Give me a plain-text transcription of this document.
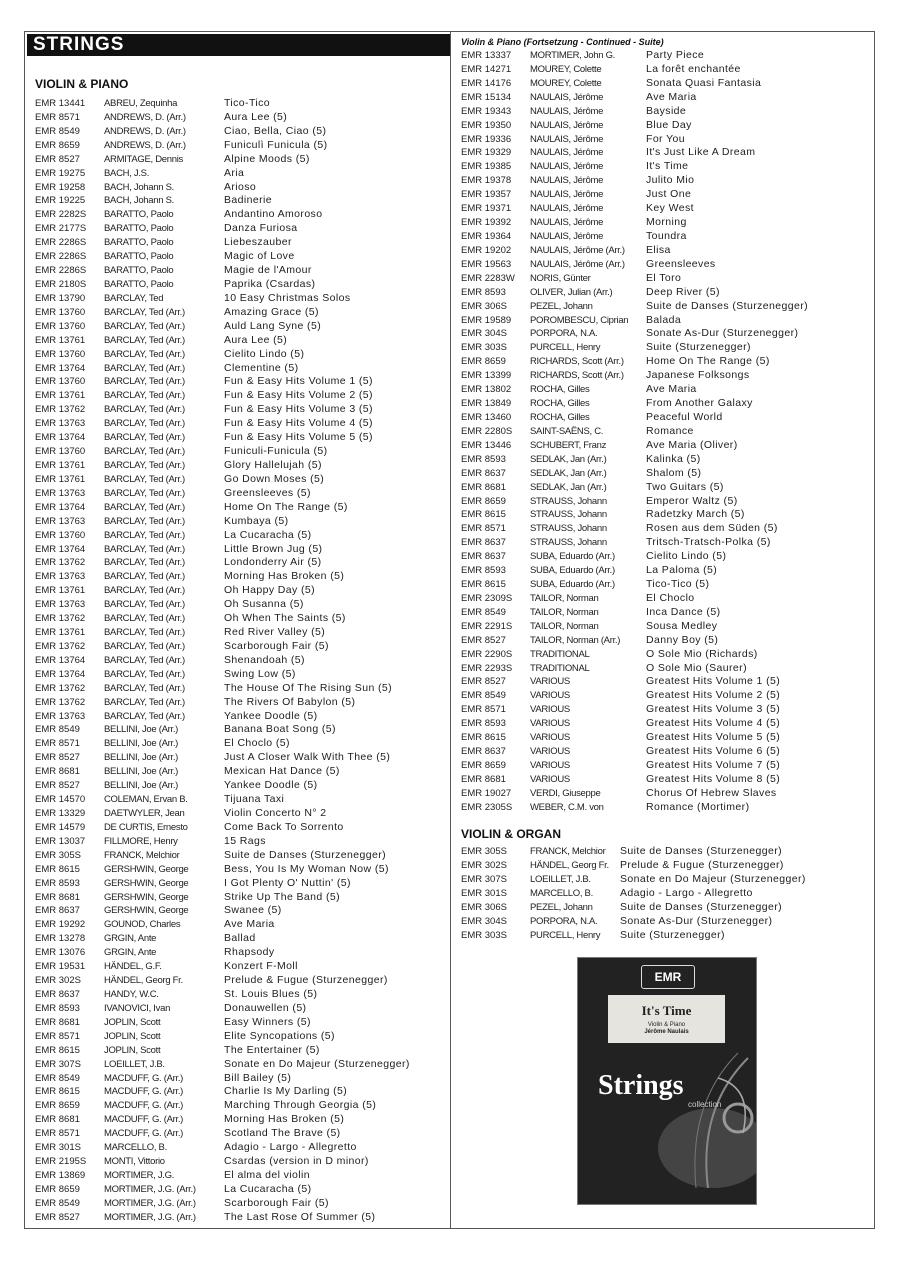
STRINGS
VIOLIN & PIANO
EMR 13441	ABREU, Zequinha	Tico-Tico
EMR 8571	ANDREWS, D. (Arr.)	Aura Lee (5)
EMR 8549	ANDREWS, D. (Arr.)	Ciao, Bella, Ciao (5)
EMR 8659	ANDREWS, D. (Arr.)	Funiculì Funicula (5)
EMR 8527	ARMITAGE, Dennis	Alpine Moods (5)
EMR 19275	BACH, J.S.	Aria
EMR 19258	BACH, Johann S.	Arioso
EMR 19225	BACH, Johann S.	Badinerie
EMR 2282S	BARATTO, Paolo	Andantino Amoroso
EMR 2177S	BARATTO, Paolo	Danza Furiosa
EMR 2286S	BARATTO, Paolo	Liebeszauber
EMR 2286S	BARATTO, Paolo	Magic of Love
EMR 2286S	BARATTO, Paolo	Magie de l'Amour
EMR 2180S	BARATTO, Paolo	Paprika (Csardas)
EMR 13790	BARCLAY, Ted	10 Easy Christmas Solos
EMR 13760	BARCLAY, Ted (Arr.)	Amazing Grace (5)
EMR 13760	BARCLAY, Ted (Arr.)	Auld Lang Syne (5)
EMR 13761	BARCLAY, Ted (Arr.)	Aura Lee (5)
EMR 13760	BARCLAY, Ted (Arr.)	Cielito Lindo (5)
EMR 13764	BARCLAY, Ted (Arr.)	Clementine (5)
EMR 13760	BARCLAY, Ted (Arr.)	Fun & Easy Hits Volume 1 (5)
EMR 13761	BARCLAY, Ted (Arr.)	Fun & Easy Hits Volume 2 (5)
EMR 13762	BARCLAY, Ted (Arr.)	Fun & Easy Hits Volume 3 (5)
EMR 13763	BARCLAY, Ted (Arr.)	Fun & Easy Hits Volume 4 (5)
EMR 13764	BARCLAY, Ted (Arr.)	Fun & Easy Hits Volume 5 (5)
EMR 13760	BARCLAY, Ted (Arr.)	Funiculi-Funicula (5)
EMR 13761	BARCLAY, Ted (Arr.)	Glory Hallelujah (5)
EMR 13761	BARCLAY, Ted (Arr.)	Go Down Moses (5)
EMR 13763	BARCLAY, Ted (Arr.)	Greensleeves (5)
EMR 13764	BARCLAY, Ted (Arr.)	Home On The Range (5)
EMR 13763	BARCLAY, Ted (Arr.)	Kumbaya (5)
EMR 13760	BARCLAY, Ted (Arr.)	La Cucaracha (5)
EMR 13764	BARCLAY, Ted (Arr.)	Little Brown Jug (5)
EMR 13762	BARCLAY, Ted (Arr.)	Londonderry Air (5)
EMR 13763	BARCLAY, Ted (Arr.)	Morning Has Broken (5)
EMR 13761	BARCLAY, Ted (Arr.)	Oh Happy Day (5)
EMR 13763	BARCLAY, Ted (Arr.)	Oh Susanna (5)
EMR 13762	BARCLAY, Ted (Arr.)	Oh When The Saints (5)
EMR 13761	BARCLAY, Ted (Arr.)	Red River Valley (5)
EMR 13762	BARCLAY, Ted (Arr.)	Scarborough Fair (5)
EMR 13764	BARCLAY, Ted (Arr.)	Shenandoah (5)
EMR 13764	BARCLAY, Ted (Arr.)	Swing Low (5)
EMR 13762	BARCLAY, Ted (Arr.)	The House Of The Rising Sun (5)
EMR 13762	BARCLAY, Ted (Arr.)	The Rivers Of Babylon (5)
EMR 13763	BARCLAY, Ted (Arr.)	Yankee Doodle (5)
EMR 8549	BELLINI, Joe (Arr.)	Banana Boat Song (5)
EMR 8571	BELLINI, Joe (Arr.)	El Choclo (5)
EMR 8527	BELLINI, Joe (Arr.)	Just A Closer Walk With Thee (5)
EMR 8681	BELLINI, Joe (Arr.)	Mexican Hat Dance (5)
EMR 8527	BELLINI, Joe (Arr.)	Yankee Doodle (5)
EMR 14570	COLEMAN, Ervan B.	Tijuana Taxi
EMR 13329	DAETWYLER, Jean	Violin Concerto N° 2
EMR 14579	DE CURTIS, Ernesto	Come Back To Sorrento
EMR 13037	FILLMORE, Henry	15 Rags
EMR 305S	FRANCK, Melchior	Suite de Danses (Sturzenegger)
EMR 8615	GERSHWIN, George	Bess, You Is My Woman Now (5)
EMR 8593	GERSHWIN, George	I Got Plenty O' Nuttin' (5)
EMR 8681	GERSHWIN, George	Strike Up The Band (5)
EMR 8637	GERSHWIN, George	Swanee (5)
EMR 19292	GOUNOD, Charles	Ave Maria
EMR 13278	GRGIN, Ante	Ballad
EMR 13076	GRGIN, Ante	Rhapsody
EMR 19531	HÄNDEL, G.F.	Konzert F-Moll
EMR 302S	HÄNDEL, Georg Fr.	Prelude & Fugue (Sturzenegger)
EMR 8637	HANDY, W.C.	St. Louis Blues (5)
EMR 8593	IVANOVICI, Ivan	Donauwellen (5)
EMR 8681	JOPLIN, Scott	Easy Winners (5)
EMR 8571	JOPLIN, Scott	Elite Syncopations (5)
EMR 8615	JOPLIN, Scott	The Entertainer (5)
EMR 307S	LOEILLET, J.B.	Sonate en Do Majeur (Sturzenegger)
EMR 8549	MACDUFF, G. (Arr.)	Bill Bailey (5)
EMR 8615	MACDUFF, G. (Arr.)	Charlie Is My Darling (5)
EMR 8659	MACDUFF, G. (Arr.)	Marching Through Georgia (5)
EMR 8681	MACDUFF, G. (Arr.)	Morning Has Broken (5)
EMR 8571	MACDUFF, G. (Arr.)	Scotland The Brave (5)
EMR 301S	MARCELLO, B.	Adagio - Largo - Allegretto
EMR 2195S	MONTI, Vittorio	Csardas (version in D minor)
EMR 13869	MORTIMER, J.G.	El alma del violin
EMR 8659	MORTIMER, J.G. (Arr.)	La Cucaracha (5)
EMR 8549	MORTIMER, J.G. (Arr.)	Scarborough Fair (5)
EMR 8527	MORTIMER, J.G. (Arr.)	The Last Rose Of Summer (5)
Violin & Piano (Fortsetzung - Continued - Suite)
EMR 13337	MORTIMER, John G.	Party Piece
EMR 14271	MOUREY, Colette	La forêt enchantée
EMR 14176	MOUREY, Colette	Sonata Quasi Fantasia
EMR 15134	NAULAIS, Jérôme	Ave Maria
EMR 19343	NAULAIS, Jérôme	Bayside
EMR 19350	NAULAIS, Jérôme	Blue Day
EMR 19336	NAULAIS, Jérôme	For You
EMR 19329	NAULAIS, Jérôme	It's Just Like A Dream
EMR 19385	NAULAIS, Jérôme	It's Time
EMR 19378	NAULAIS, Jérôme	Julito Mio
EMR 19357	NAULAIS, Jérôme	Just One
EMR 19371	NAULAIS, Jérôme	Key West
EMR 19392	NAULAIS, Jérôme	Morning
EMR 19364	NAULAIS, Jérôme	Toundra
EMR 19202	NAULAIS, Jérôme (Arr.)	Elisa
EMR 19563	NAULAIS, Jérôme (Arr.)	Greensleeves
EMR 2283W	NORIS, Günter	El Toro
EMR 8593	OLIVER, Julian (Arr.)	Deep River (5)
EMR 306S	PEZEL, Johann	Suite de Danses (Sturzenegger)
EMR 19589	POROMBESCU, Ciprian	Balada
EMR 304S	PORPORA, N.A.	Sonate As-Dur (Sturzenegger)
EMR 303S	PURCELL, Henry	Suite (Sturzenegger)
EMR 8659	RICHARDS, Scott (Arr.)	Home On The Range (5)
EMR 13399	RICHARDS, Scott (Arr.)	Japanese Folksongs
EMR 13802	ROCHA, Gilles	Ave Maria
EMR 13849	ROCHA, Gilles	From Another Galaxy
EMR 13460	ROCHA, Gilles	Peaceful World
EMR 2280S	SAINT-SAËNS, C.	Romance
EMR 13446	SCHUBERT, Franz	Ave Maria (Oliver)
EMR 8593	SEDLAK, Jan (Arr.)	Kalinka (5)
EMR 8637	SEDLAK, Jan (Arr.)	Shalom (5)
EMR 8681	SEDLAK, Jan (Arr.)	Two Guitars (5)
EMR 8659	STRAUSS, Johann	Emperor Waltz (5)
EMR 8615	STRAUSS, Johann	Radetzky March (5)
EMR 8571	STRAUSS, Johann	Rosen aus dem Süden (5)
EMR 8637	STRAUSS, Johann	Tritsch-Tratsch-Polka (5)
EMR 8637	SUBA, Eduardo (Arr.)	Cielito Lindo (5)
EMR 8593	SUBA, Eduardo (Arr.)	La Paloma (5)
EMR 8615	SUBA, Eduardo (Arr.)	Tico-Tico (5)
EMR 2309S	TAILOR, Norman	El Choclo
EMR 8549	TAILOR, Norman	Inca Dance (5)
EMR 2291S	TAILOR, Norman	Sousa Medley
EMR 8527	TAILOR, Norman (Arr.)	Danny Boy (5)
EMR 2290S	TRADITIONAL	O Sole Mio (Richards)
EMR 2293S	TRADITIONAL	O Sole Mio (Saurer)
EMR 8527	VARIOUS	Greatest Hits Volume 1 (5)
EMR 8549	VARIOUS	Greatest Hits Volume 2 (5)
EMR 8571	VARIOUS	Greatest Hits Volume 3 (5)
EMR 8593	VARIOUS	Greatest Hits Volume 4 (5)
EMR 8615	VARIOUS	Greatest Hits Volume 5 (5)
EMR 8637	VARIOUS	Greatest Hits Volume 6 (5)
EMR 8659	VARIOUS	Greatest Hits Volume 7 (5)
EMR 8681	VARIOUS	Greatest Hits Volume 8 (5)
EMR 19027	VERDI, Giuseppe	Chorus Of Hebrew Slaves
EMR 2305S	WEBER, C.M. von	Romance (Mortimer)
VIOLIN & ORGAN
EMR 305S	FRANCK, Melchior	Suite de Danses (Sturzenegger)
EMR 302S	HÄNDEL, Georg Fr.	Prelude & Fugue (Sturzenegger)
EMR 307S	LOEILLET, J.B.	Sonate en Do Majeur (Sturzenegger)
EMR 301S	MARCELLO, B.	Adagio - Largo - Allegretto
EMR 306S	PEZEL, Johann	Suite de Danses (Sturzenegger)
EMR 304S	PORPORA, N.A.	Sonate As-Dur (Sturzenegger)
EMR 303S	PURCELL, Henry	Suite (Sturzenegger)
EMR
It's Time
Violin & Piano
Jérôme Naulais
Strings
collection
